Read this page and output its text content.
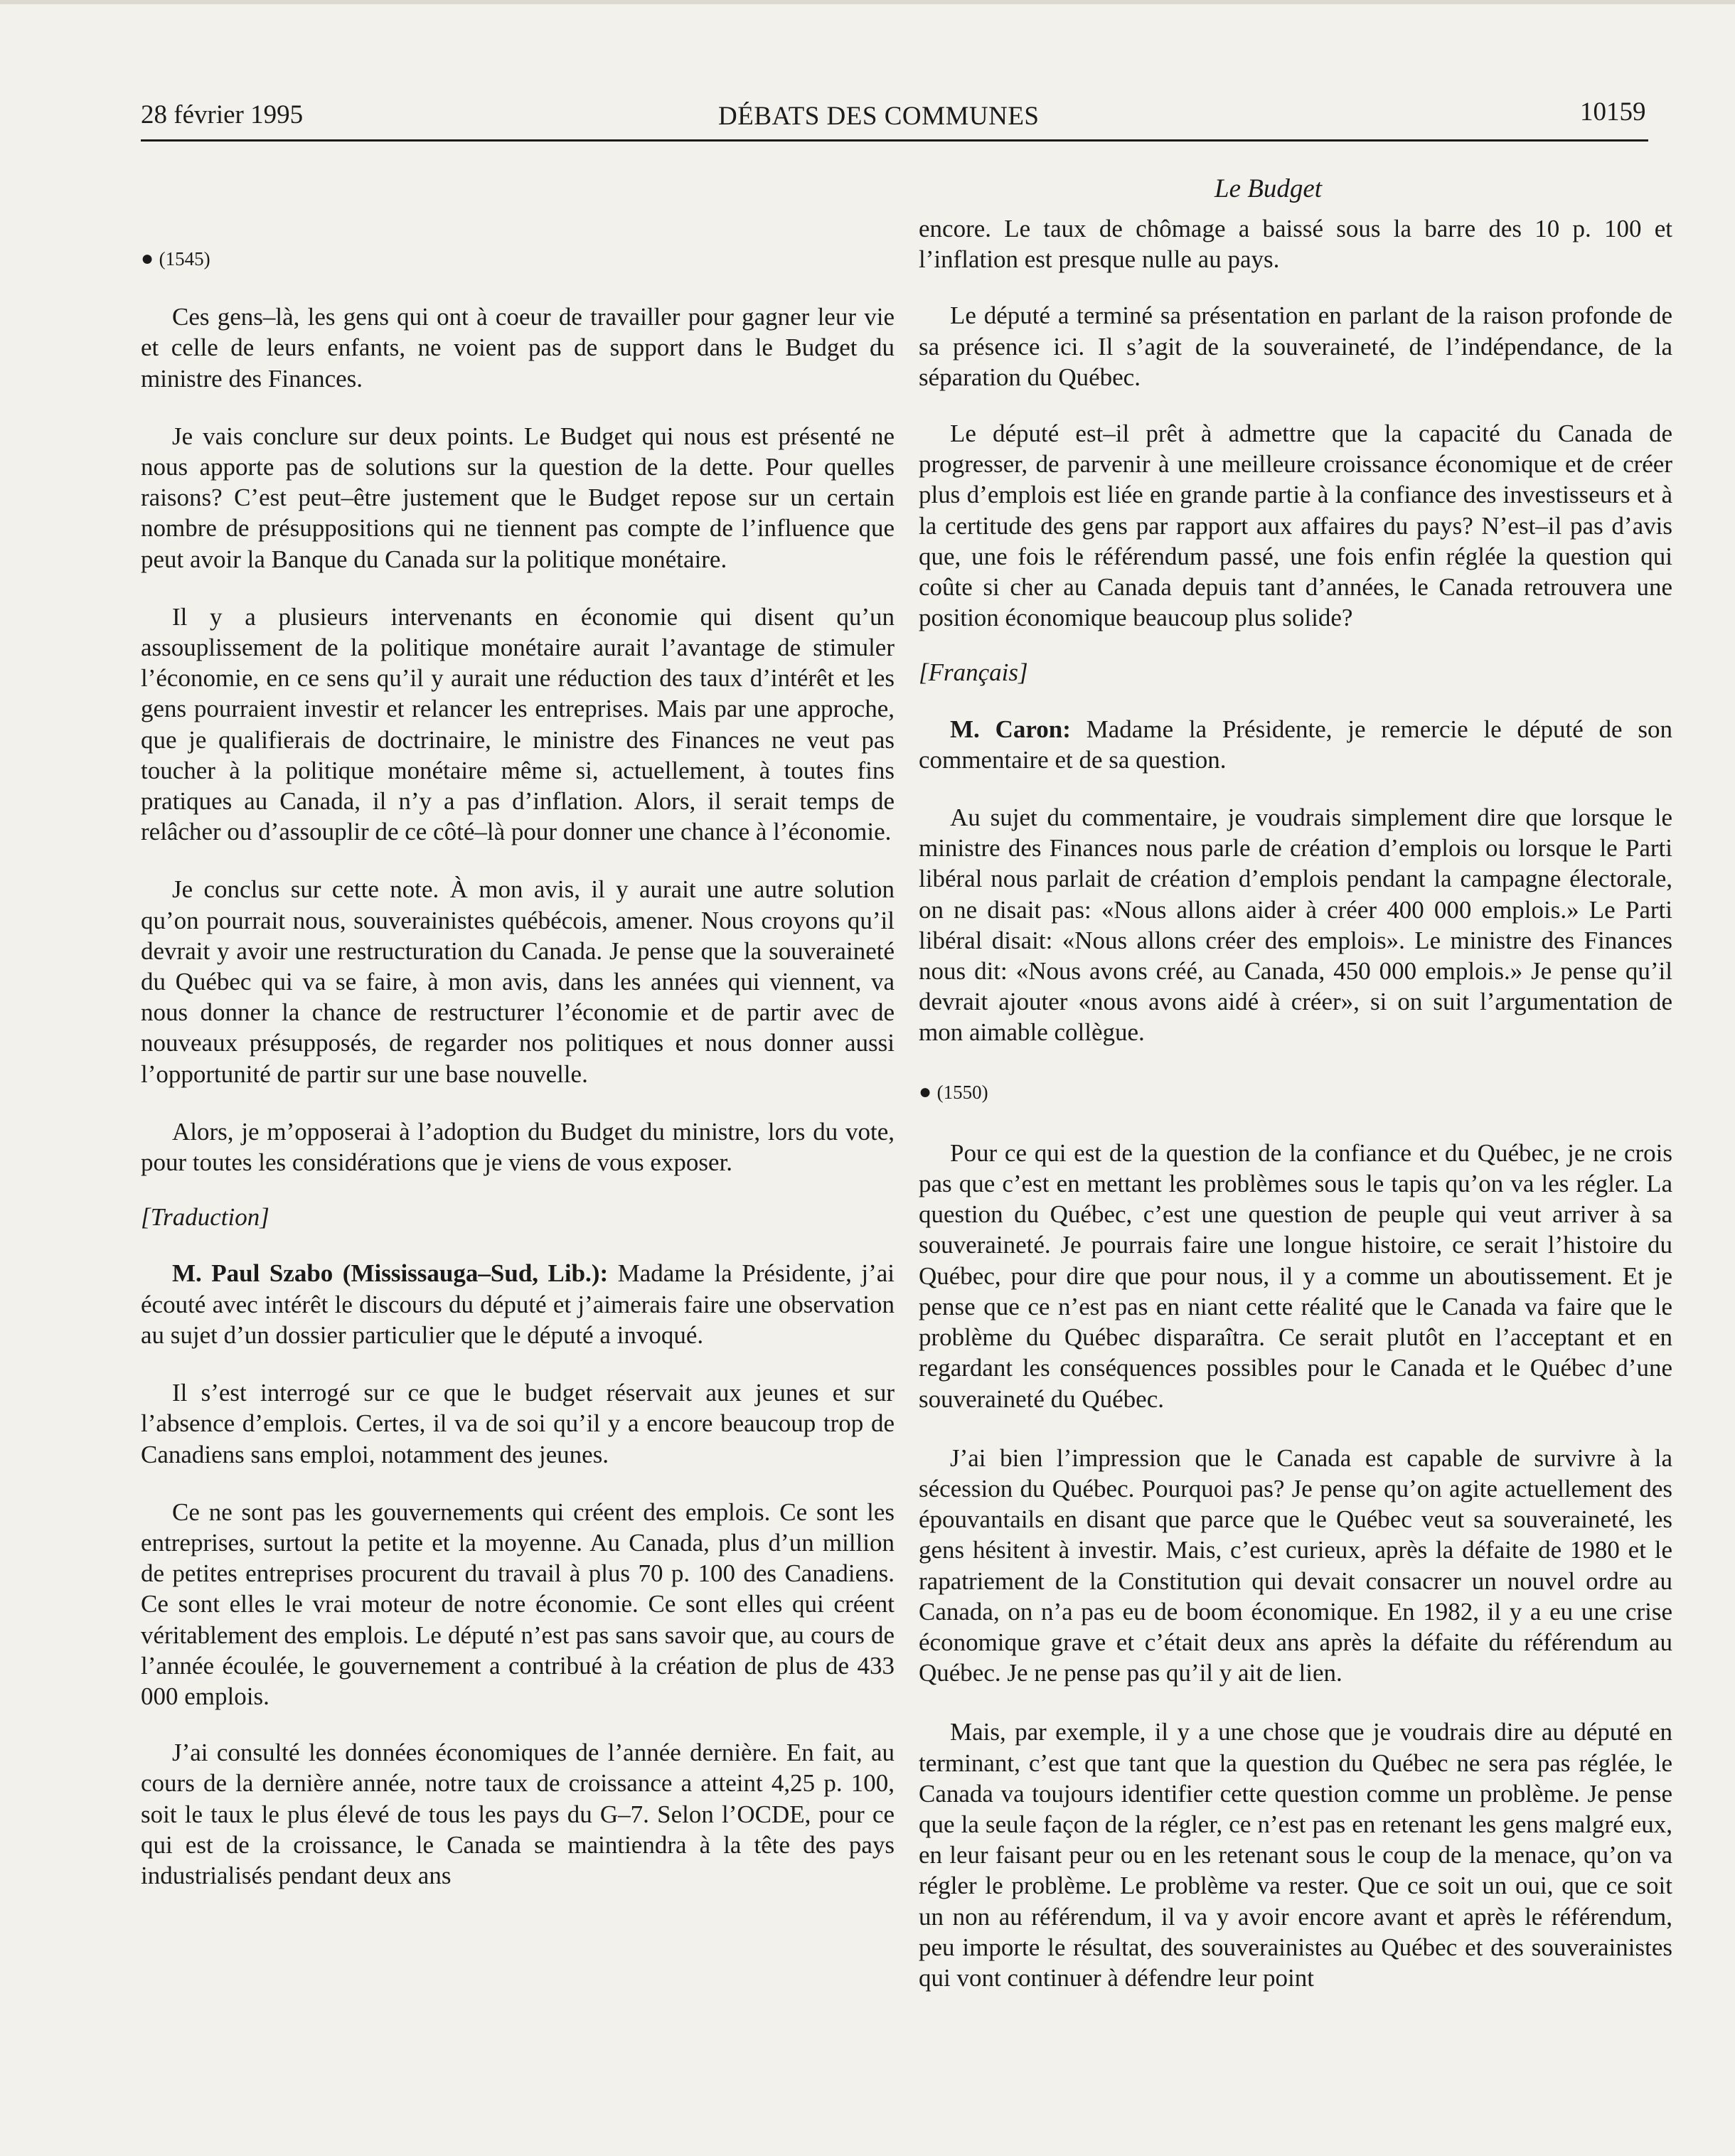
28 février 1995	DÉBATS DES COMMUNES	10159
Le Budget

● (1545)

Ces gens–là, les gens qui ont à coeur de travailler pour gagner leur vie et celle de leurs enfants, ne voient pas de support dans le Budget du ministre des Finances.

Je vais conclure sur deux points. Le Budget qui nous est présenté ne nous apporte pas de solutions sur la question de la dette. Pour quelles raisons? C’est peut–être justement que le Budget repose sur un certain nombre de présuppositions qui ne tiennent pas compte de l’influence que peut avoir la Banque du Canada sur la politique monétaire.

Il y a plusieurs intervenants en économie qui disent qu’un assouplissement de la politique monétaire aurait l’avantage de stimuler l’économie, en ce sens qu’il y aurait une réduction des taux d’intérêt et les gens pourraient investir et relancer les entreprises. Mais par une approche, que je qualifierais de doctrinaire, le ministre des Finances ne veut pas toucher à la politique monétaire même si, actuellement, à toutes fins pratiques au Canada, il n’y a pas d’inflation. Alors, il serait temps de relâcher ou d’assouplir de ce côté–là pour donner une chance à l’économie.

Je conclus sur cette note. À mon avis, il y aurait une autre solution qu’on pourrait nous, souverainistes québécois, amener. Nous croyons qu’il devrait y avoir une restructuration du Canada. Je pense que la souveraineté du Québec qui va se faire, à mon avis, dans les années qui viennent, va nous donner la chance de restructurer l’économie et de partir avec de nouveaux présupposés, de regarder nos politiques et nous donner aussi l’opportunité de partir sur une base nouvelle.

Alors, je m’opposerai à l’adoption du Budget du ministre, lors du vote, pour toutes les considérations que je viens de vous exposer.

[Traduction]

M. Paul Szabo (Mississauga–Sud, Lib.): Madame la Présidente, j’ai écouté avec intérêt le discours du député et j’aimerais faire une observation au sujet d’un dossier particulier que le député a invoqué.

Il s’est interrogé sur ce que le budget réservait aux jeunes et sur l’absence d’emplois. Certes, il va de soi qu’il y a encore beaucoup trop de Canadiens sans emploi, notamment des jeunes.

Ce ne sont pas les gouvernements qui créent des emplois. Ce sont les entreprises, surtout la petite et la moyenne. Au Canada, plus d’un million de petites entreprises procurent du travail à plus 70 p. 100 des Canadiens. Ce sont elles le vrai moteur de notre économie. Ce sont elles qui créent véritablement des emplois. Le député n’est pas sans savoir que, au cours de l’année écoulée, le gouvernement a contribué à la création de plus de 433 000 emplois.

J’ai consulté les données économiques de l’année dernière. En fait, au cours de la dernière année, notre taux de croissance a atteint 4,25 p. 100, soit le taux le plus élevé de tous les pays du G–7. Selon l’OCDE, pour ce qui est de la croissance, le Canada se maintiendra à la tête des pays industrialisés pendant deux ans

encore. Le taux de chômage a baissé sous la barre des 10 p. 100 et l’inflation est presque nulle au pays.

Le député a terminé sa présentation en parlant de la raison profonde de sa présence ici. Il s’agit de la souveraineté, de l’indépendance, de la séparation du Québec.

Le député est–il prêt à admettre que la capacité du Canada de progresser, de parvenir à une meilleure croissance économique et de créer plus d’emplois est liée en grande partie à la confiance des investisseurs et à la certitude des gens par rapport aux affaires du pays? N’est–il pas d’avis que, une fois le référendum passé, une fois enfin réglée la question qui coûte si cher au Canada depuis tant d’années, le Canada retrouvera une position économique beaucoup plus solide?

[Français]

M. Caron: Madame la Présidente, je remercie le député de son commentaire et de sa question.

Au sujet du commentaire, je voudrais simplement dire que lorsque le ministre des Finances nous parle de création d’emplois ou lorsque le Parti libéral nous parlait de création d’emplois pendant la campagne électorale, on ne disait pas: «Nous allons aider à créer 400 000 emplois.» Le Parti libéral disait: «Nous allons créer des emplois». Le ministre des Finances nous dit: «Nous avons créé, au Canada, 450 000 emplois.» Je pense qu’il devrait ajouter «nous avons aidé à créer», si on suit l’argumentation de mon aimable collègue.

● (1550)

Pour ce qui est de la question de la confiance et du Québec, je ne crois pas que c’est en mettant les problèmes sous le tapis qu’on va les régler. La question du Québec, c’est une question de peuple qui veut arriver à sa souveraineté. Je pourrais faire une longue histoire, ce serait l’histoire du Québec, pour dire que pour nous, il y a comme un aboutissement. Et je pense que ce n’est pas en niant cette réalité que le Canada va faire que le problème du Québec disparaîtra. Ce serait plutôt en l’acceptant et en regardant les conséquences possibles pour le Canada et le Québec d’une souveraineté du Québec.

J’ai bien l’impression que le Canada est capable de survivre à la sécession du Québec. Pourquoi pas? Je pense qu’on agite actuellement des épouvantails en disant que parce que le Québec veut sa souveraineté, les gens hésitent à investir. Mais, c’est curieux, après la défaite de 1980 et le rapatriement de la Constitution qui devait consacrer un nouvel ordre au Canada, on n’a pas eu de boom économique. En 1982, il y a eu une crise économique grave et c’était deux ans après la défaite du référendum au Québec. Je ne pense pas qu’il y ait de lien.

Mais, par exemple, il y a une chose que je voudrais dire au député en terminant, c’est que tant que la question du Québec ne sera pas réglée, le Canada va toujours identifier cette question comme un problème. Je pense que la seule façon de la régler, ce n’est pas en retenant les gens malgré eux, en leur faisant peur ou en les retenant sous le coup de la menace, qu’on va régler le problème. Le problème va rester. Que ce soit un oui, que ce soit un non au référendum, il va y avoir encore avant et après le référendum, peu importe le résultat, des souverainistes au Québec et des souverainistes qui vont continuer à défendre leur point
